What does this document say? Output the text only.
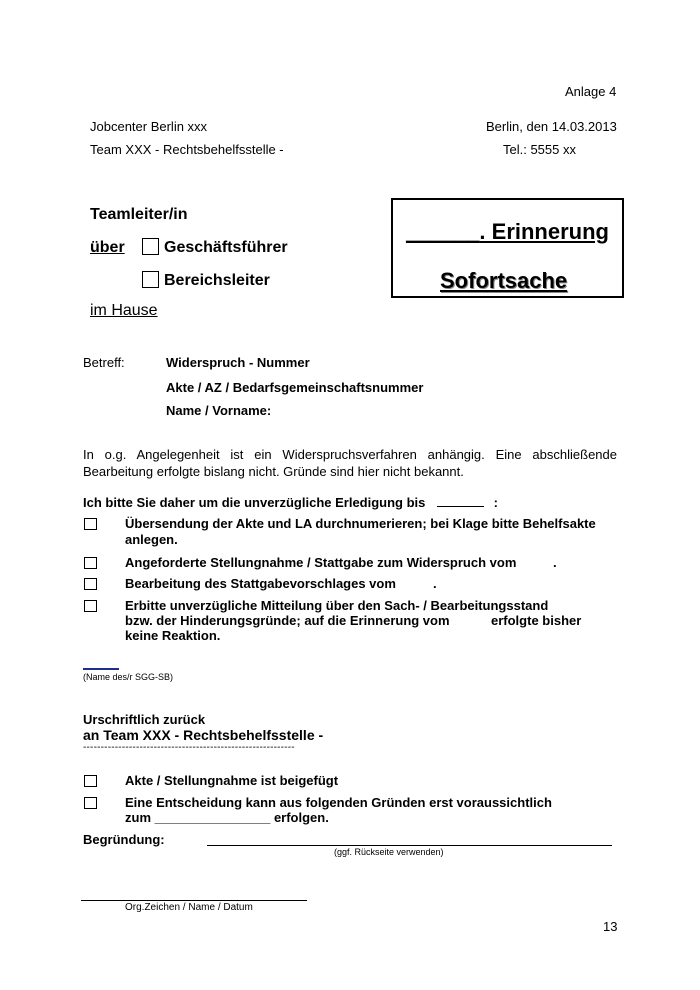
Anlage 4
Jobcenter Berlin xxx
Team XXX - Rechtsbehelfsstelle -
Berlin, den 14.03.2013
Tel.: 5555 xx
Teamleiter/in
über Geschäftsführer
Bereichsleiter
im Hause
______. Erinnerung
Sofortsache
Betreff:	Widerspruch - Nummer
Akte / AZ / Bedarfsgemeinschaftsnummer
Name / Vorname:
In o.g. Angelegenheit ist ein Widerspruchsverfahren anhängig. Eine abschließende Bearbeitung erfolgte bislang nicht. Gründe sind hier nicht bekannt.
Ich bitte Sie daher um die unverzügliche Erledigung bis	:
Übersendung der Akte und LA durchnumerieren; bei Klage bitte Behelfsakte
anlegen.
Angeforderte Stellungnahme / Stattgabe zum Widerspruch vom	.
Bearbeitung des Stattgabevorschlages vom	.
Erbitte unverzügliche Mitteilung über den Sach- / Bearbeitungsstand
bzw. der Hinderungsgründe; auf die Erinnerung vom	erfolgte bisher
keine Reaktion.
(Name des/r SGG-SB)
Urschriftlich zurück
an Team XXX - Rechtsbehelfsstelle -
------------------------------------------------------------
Akte / Stellungnahme ist beigefügt
Eine Entscheidung kann aus folgenden Gründen erst voraussichtlich
zum ________________ erfolgen.
Begründung:
(ggf. Rückseite verwenden)
Org.Zeichen / Name / Datum
13
